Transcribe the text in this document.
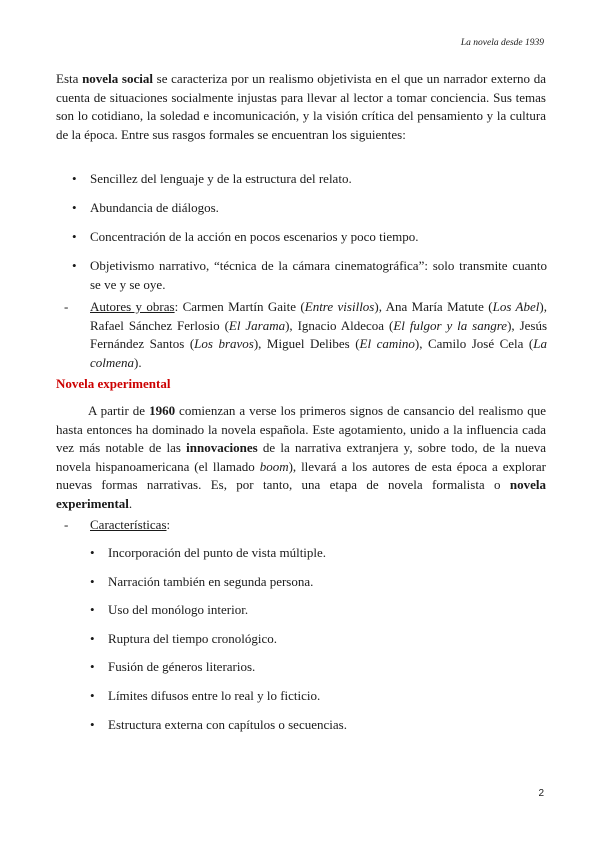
La novela desde 1939
Esta novela social se caracteriza por un realismo objetivista en el que un narrador externo da cuenta de situaciones socialmente injustas para llevar al lector a tomar conciencia. Sus temas son lo cotidiano, la soledad e incomunicación, y la visión crítica del pensamiento y la cultura de la época. Entre sus rasgos formales se encuentran los siguientes:
• Sencillez del lenguaje y de la estructura del relato.
• Abundancia de diálogos.
• Concentración de la acción en pocos escenarios y poco tiempo.
• Objetivismo narrativo, “técnica de la cámara cinematográfica”: solo transmite cuanto se ve y se oye.
- Autores y obras: Carmen Martín Gaite (Entre visillos), Ana María Matute (Los Abel), Rafael Sánchez Ferlosio (El Jarama), Ignacio Aldecoa (El fulgor y la sangre), Jesús Fernández Santos (Los bravos), Miguel Delibes (El camino), Camilo José Cela (La colmena).
Novela experimental
A partir de 1960 comienzan a verse los primeros signos de cansancio del realismo que hasta entonces ha dominado la novela española. Este agotamiento, unido a la influencia cada vez más notable de las innovaciones de la narrativa extranjera y, sobre todo, de la nueva novela hispanoamericana (el llamado boom), llevará a los autores de esta época a explorar nuevas formas narrativas. Es, por tanto, una etapa de novela formalista o novela experimental.
- Características:
• Incorporación del punto de vista múltiple.
• Narración también en segunda persona.
• Uso del monólogo interior.
• Ruptura del tiempo cronológico.
• Fusión de géneros literarios.
• Límites difusos entre lo real y lo ficticio.
• Estructura externa con capítulos o secuencias.
2
